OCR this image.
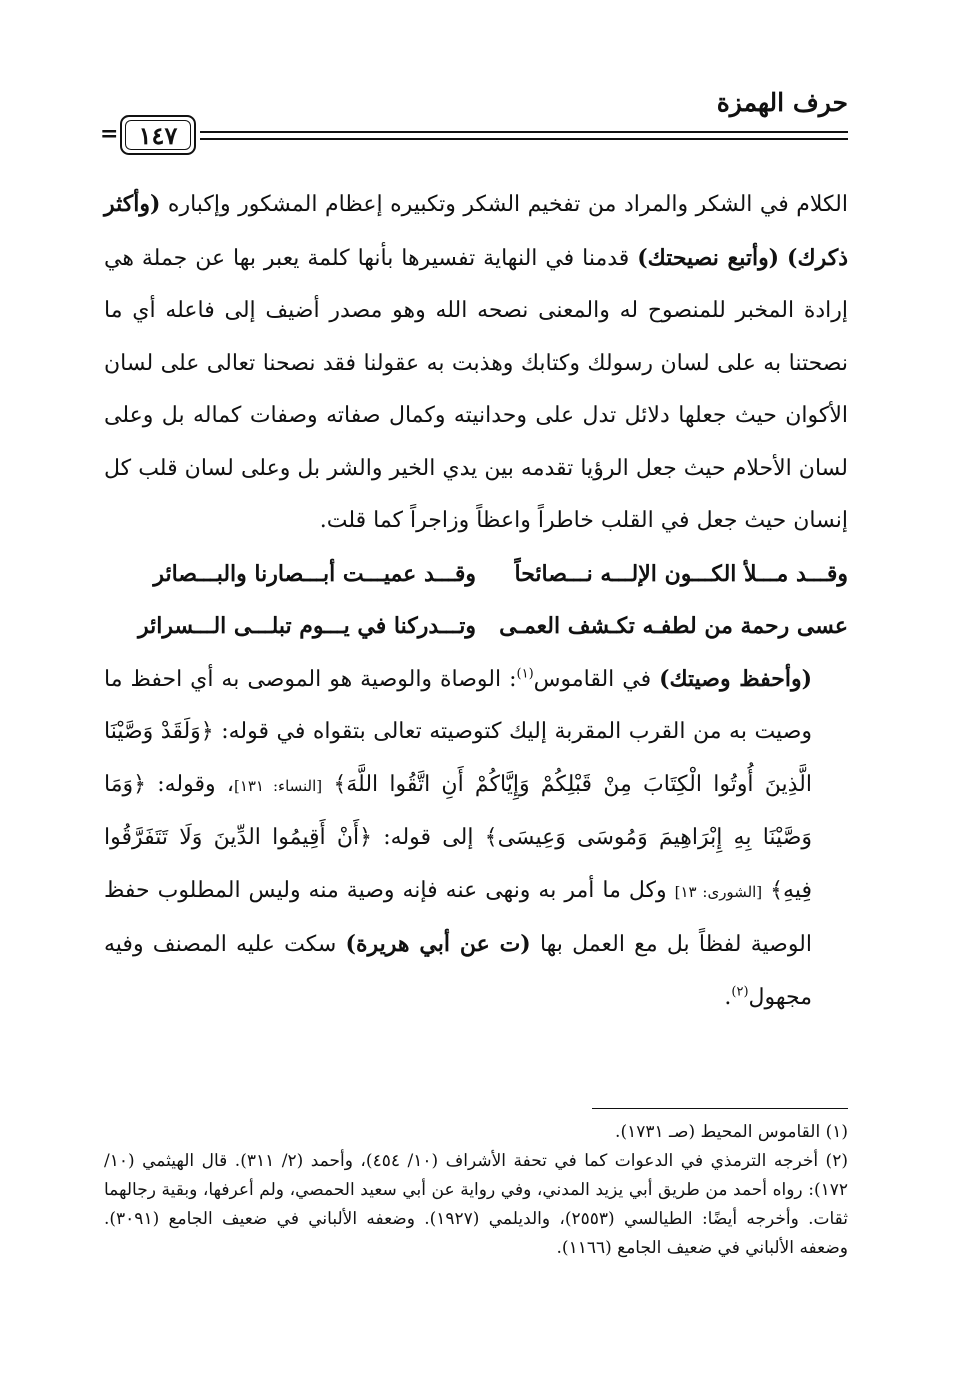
حرف الهمزة
١٤٧
=

الكلام في الشكر والمراد من تفخيم الشكر وتكبيره إعظام المشكور وإكباره (وأكثر ذكرك) (وأتبع نصيحتك) قدمنا في النهاية تفسيرها بأنها كلمة يعبر بها عن جملة هي إرادة المخبر للمنصوح له والمعنى نصحه الله وهو مصدر أضيف إلى فاعله أي ما نصحتنا به على لسان رسولك وكتابك وهذبت به عقولنا فقد نصحنا تعالى على لسان الأكوان حيث جعلها دلائل تدل على وحدانيته وكمال صفاته وصفات كماله بل وعلى لسان الأحلام حيث جعل الرؤيا تقدمه بين يدي الخير والشر بل وعلى لسان قلب كل إنسان حيث جعل في القلب خاطراً واعظاً وزاجراً كما قلت.

وقـــد مـــلأ الكـــون الإلـــه نـــصائحاً
وقـــد عميـــت أبـــصارنا والبـــصائر
عسى رحمة من لطفـه تكـشف العمـى
وتـــدركنا في يـــوم تبلـــى الـــسرائر

(وأحفظ وصيتك) في القاموس$^{(١)}$: الوصاة والوصية هو الموصى به أي احفظ ما وصيت به من القرب المقربة إليك كتوصيته تعالى بتقواه في قوله: ﴿وَلَقَدْ وَصَّيْنَا الَّذِينَ أُوتُوا الْكِتَابَ مِنْ قَبْلِكُمْ وَإِيَّاكُمْ أَنِ اتَّقُوا اللَّهَ﴾ [النساء: ١٣١]، وقوله: ﴿وَمَا وَصَّيْنَا بِهِ إِبْرَاهِيمَ وَمُوسَى وَعِيسَى﴾ إلى قوله: ﴿أَنْ أَقِيمُوا الدِّينَ وَلَا تَتَفَرَّقُوا فِيهِ﴾ [الشورى: ١٣] وكل ما أمر به ونهى عنه فإنه وصية منه وليس المطلوب حفظ الوصية لفظاً بل مع العمل بها (ت عن أبي هريرة) سكت عليه المصنف وفيه مجهول$^{(٢)}$.

(١) القاموس المحيط (صـ ١٧٣١).

(٢) أخرجه الترمذي في الدعوات كما في تحفة الأشراف (١٠/ ٤٥٤)، وأحمد (٢/ ٣١١). قال الهيثمي (١٠/ ١٧٢): رواه أحمد من طريق أبي يزيد المدني، وفي رواية عن أبي سعيد الحمصي، ولم أعرفها، وبقية رجالهما ثقات. وأخرجه أيضًا: الطيالسي (٢٥٥٣)، والديلمي (١٩٢٧). وضعفه الألباني في ضعيف الجامع (٣٠٩١). وضعفه الألباني في ضعيف الجامع (١١٦٦).
